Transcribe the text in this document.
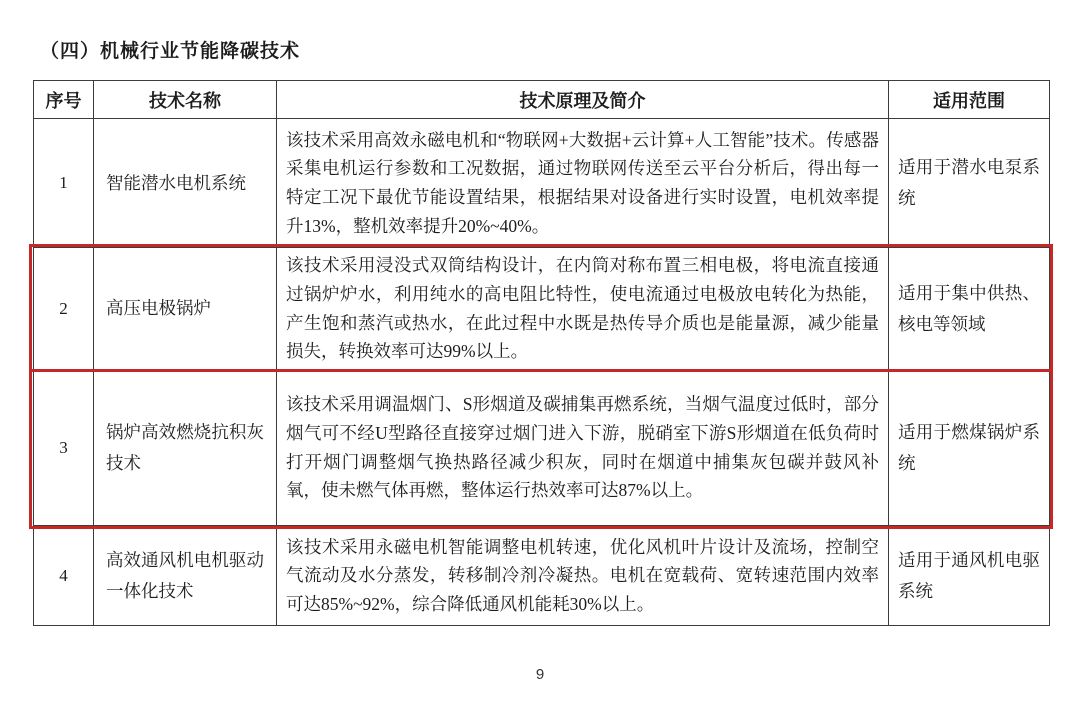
（四）机械行业节能降碳技术
序号	技术名称	技术原理及简介	适用范围
1	智能潜水电机系统	该技术采用高效永磁电机和“物联网+大数据+云计算+人工智能”技术。传感器采集电机运行参数和工况数据，通过物联网传送至云平台分析后，得出每一特定工况下最优节能设置结果，根据结果对设备进行实时设置，电机效率提升13%，整机效率提升20%~40%。	适用于潜水电泵系统
2	高压电极锅炉	该技术采用浸没式双筒结构设计，在内筒对称布置三相电极，将电流直接通过锅炉炉水，利用纯水的高电阻比特性，使电流通过电极放电转化为热能，产生饱和蒸汽或热水，在此过程中水既是热传导介质也是能量源，减少能量损失，转换效率可达99%以上。	适用于集中供热、核电等领域
3	锅炉高效燃烧抗积灰技术	该技术采用调温烟门、S形烟道及碳捕集再燃系统，当烟气温度过低时，部分烟气可不经U型路径直接穿过烟门进入下游，脱硝室下游S形烟道在低负荷时打开烟门调整烟气换热路径减少积灰，同时在烟道中捕集灰包碳并鼓风补氧，使未燃气体再燃，整体运行热效率可达87%以上。	适用于燃煤锅炉系统
4	高效通风机电机驱动一体化技术	该技术采用永磁电机智能调整电机转速，优化风机叶片设计及流场，控制空气流动及水分蒸发，转移制冷剂冷凝热。电机在宽载荷、宽转速范围内效率可达85%~92%，综合降低通风机能耗30%以上。	适用于通风机电驱系统
9
